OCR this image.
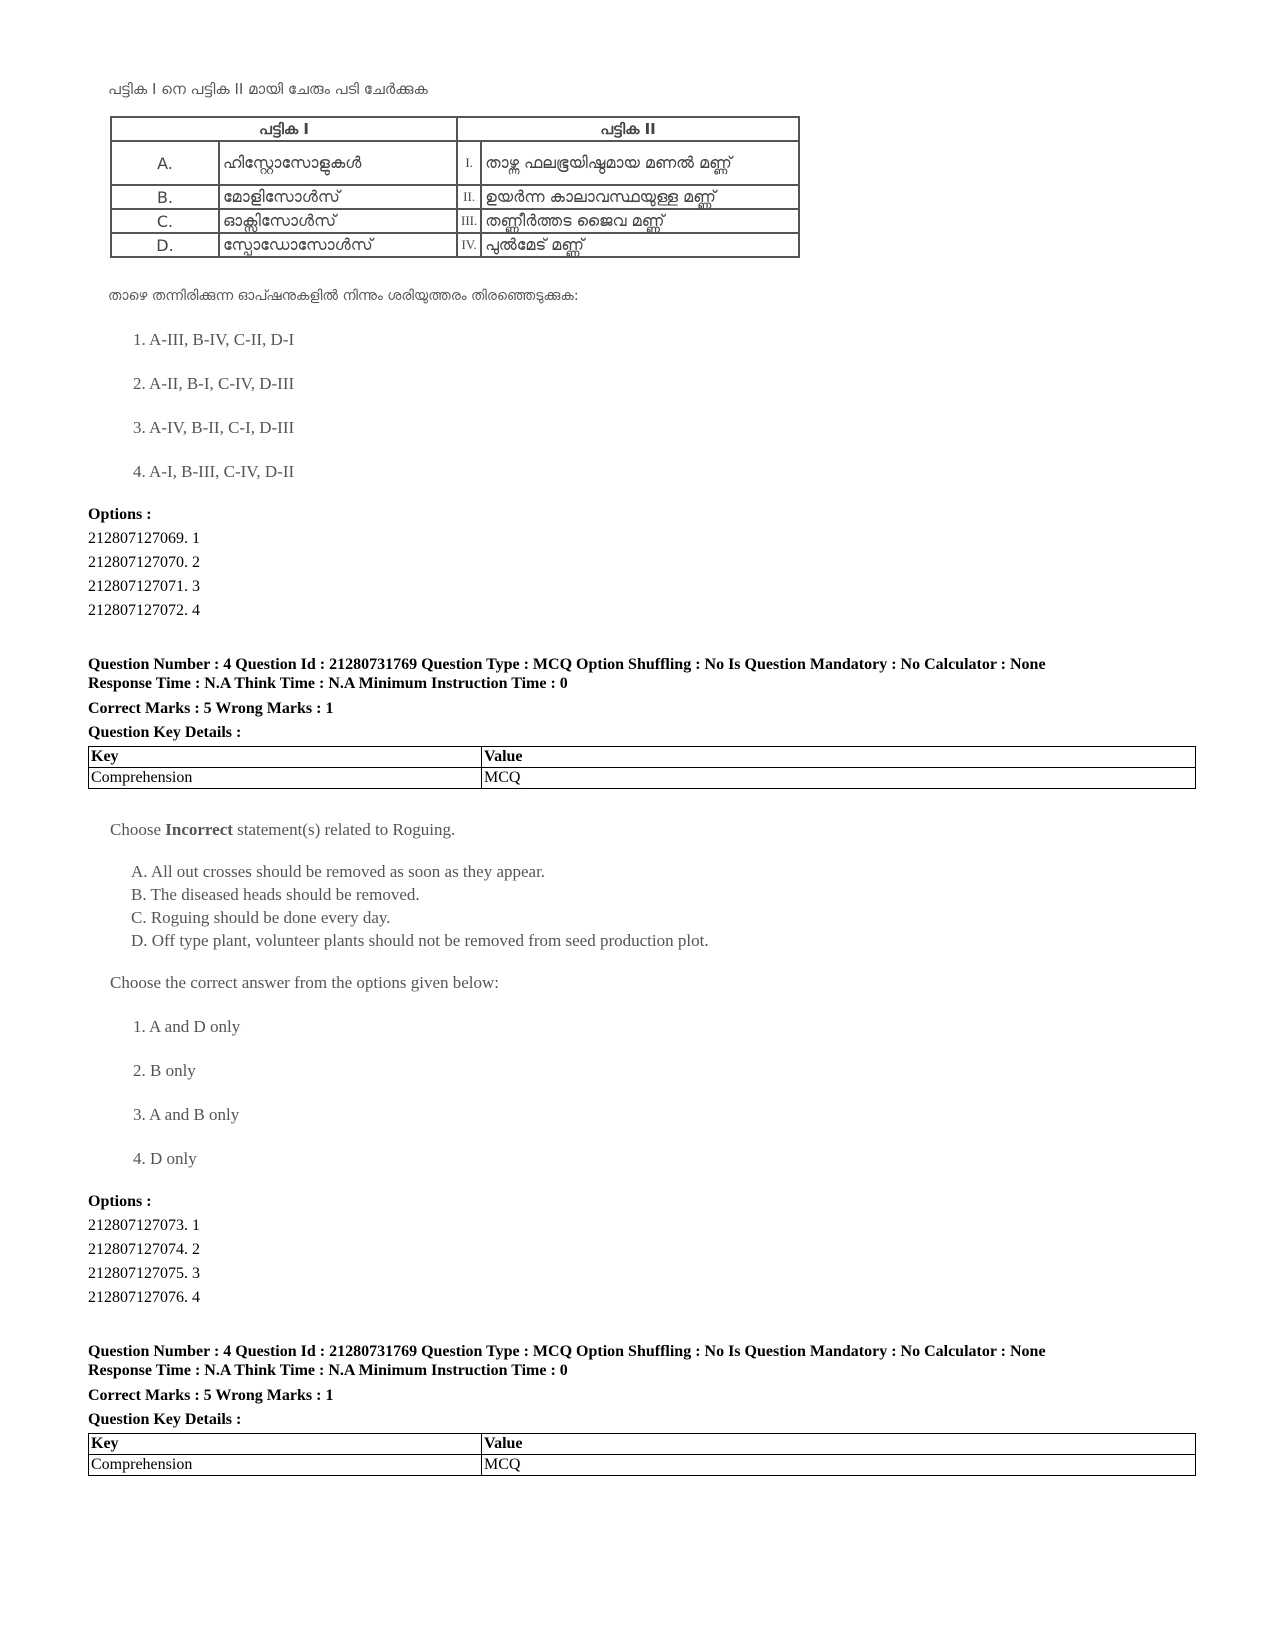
പട്ടിക I നെ പട്ടിക II മായി ചേരും പടി ചേർക്കുക
പട്ടിക I		പട്ടിക II	
A.	ഹിസ്റ്റോസോളുകൾ	I.	താഴ്ന്ന ഫലഭൂയിഷ്ഠമായ മണൽ മണ്ണ്
B.	മോളിസോൾസ്	II.	ഉയർന്ന കാലാവസ്ഥയുള്ള മണ്ണ്
C.	ഓക്സിസോൾസ്	III.	തണ്ണീർത്തട ജൈവ മണ്ണ്
D.	സ്പോഡോസോൾസ്	IV.	പുൽമേട് മണ്ണ്
താഴെ തന്നിരിക്കുന്ന ഓപ്ഷനുകളിൽ നിന്നും ശരിയുത്തരം തിരഞ്ഞെടുക്കുക:
1. A-III, B-IV, C-II, D-I
2. A-II, B-I, C-IV, D-III
3. A-IV, B-II, C-I, D-III
4. A-I, B-III, C-IV, D-II
Options :
212807127069. 1
212807127070. 2
212807127071. 3
212807127072. 4
Question Number : 4 Question Id : 21280731769 Question Type : MCQ Option Shuffling : No Is Question Mandatory : No Calculator : None
Response Time : N.A Think Time : N.A Minimum Instruction Time : 0
Correct Marks : 5 Wrong Marks : 1
Question Key Details :
Key	Value
Comprehension	MCQ
Choose Incorrect statement(s) related to Roguing.
A. All out crosses should be removed as soon as they appear.
B. The diseased heads should be removed.
C. Roguing should be done every day.
D. Off type plant, volunteer plants should not be removed from seed production plot.
Choose the correct answer from the options given below:
1. A and D only
2. B only
3. A and B only
4. D only
Options :
212807127073. 1
212807127074. 2
212807127075. 3
212807127076. 4
Question Number : 4 Question Id : 21280731769 Question Type : MCQ Option Shuffling : No Is Question Mandatory : No Calculator : None
Response Time : N.A Think Time : N.A Minimum Instruction Time : 0
Correct Marks : 5 Wrong Marks : 1
Question Key Details :
Key	Value
Comprehension	MCQ
